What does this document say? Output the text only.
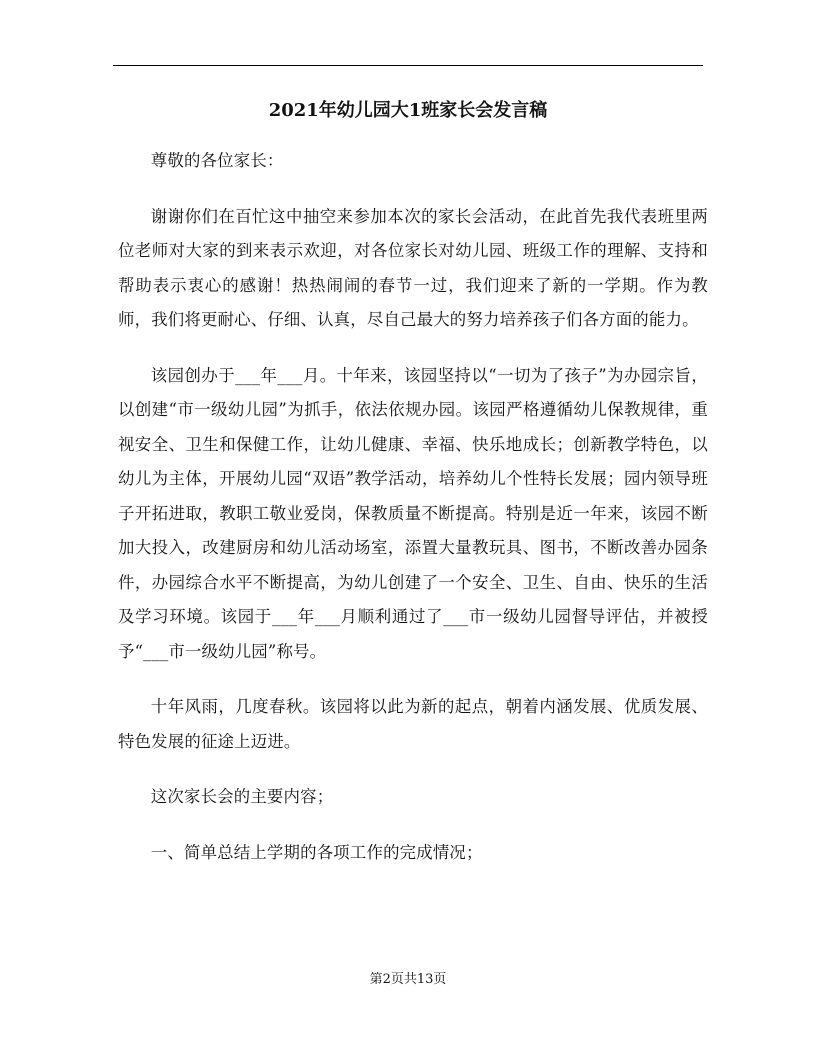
2021年幼儿园大1班家长会发言稿

尊敬的各位家长：

谢谢你们在百忙这中抽空来参加本次的家长会活动，在此首先我代表班里两位老师对大家的到来表示欢迎，对各位家长对幼儿园、班级工作的理解、支持和帮助表示衷心的感谢！热热闹闹的春节一过，我们迎来了新的一学期。作为教师，我们将更耐心、仔细、认真，尽自己最大的努力培养孩子们各方面的能力。

该园创办于___年___月。十年来，该园坚持以“一切为了孩子”为办园宗旨，以创建“市一级幼儿园”为抓手，依法依规办园。该园严格遵循幼儿保教规律，重视安全、卫生和保健工作，让幼儿健康、幸福、快乐地成长；创新教学特色，以幼儿为主体，开展幼儿园“双语”教学活动，培养幼儿个性特长发展；园内领导班子开拓进取，教职工敬业爱岗，保教质量不断提高。特别是近一年来，该园不断加大投入，改建厨房和幼儿活动场室，添置大量教玩具、图书，不断改善办园条件，办园综合水平不断提高，为幼儿创建了一个安全、卫生、自由、快乐的生活及学习环境。该园于___年___月顺利通过了___市一级幼儿园督导评估，并被授予“___市一级幼儿园”称号。

十年风雨，几度春秋。该园将以此为新的起点，朝着内涵发展、优质发展、特色发展的征途上迈进。

这次家长会的主要内容；

一、简单总结上学期的各项工作的完成情况；

第2页共13页
